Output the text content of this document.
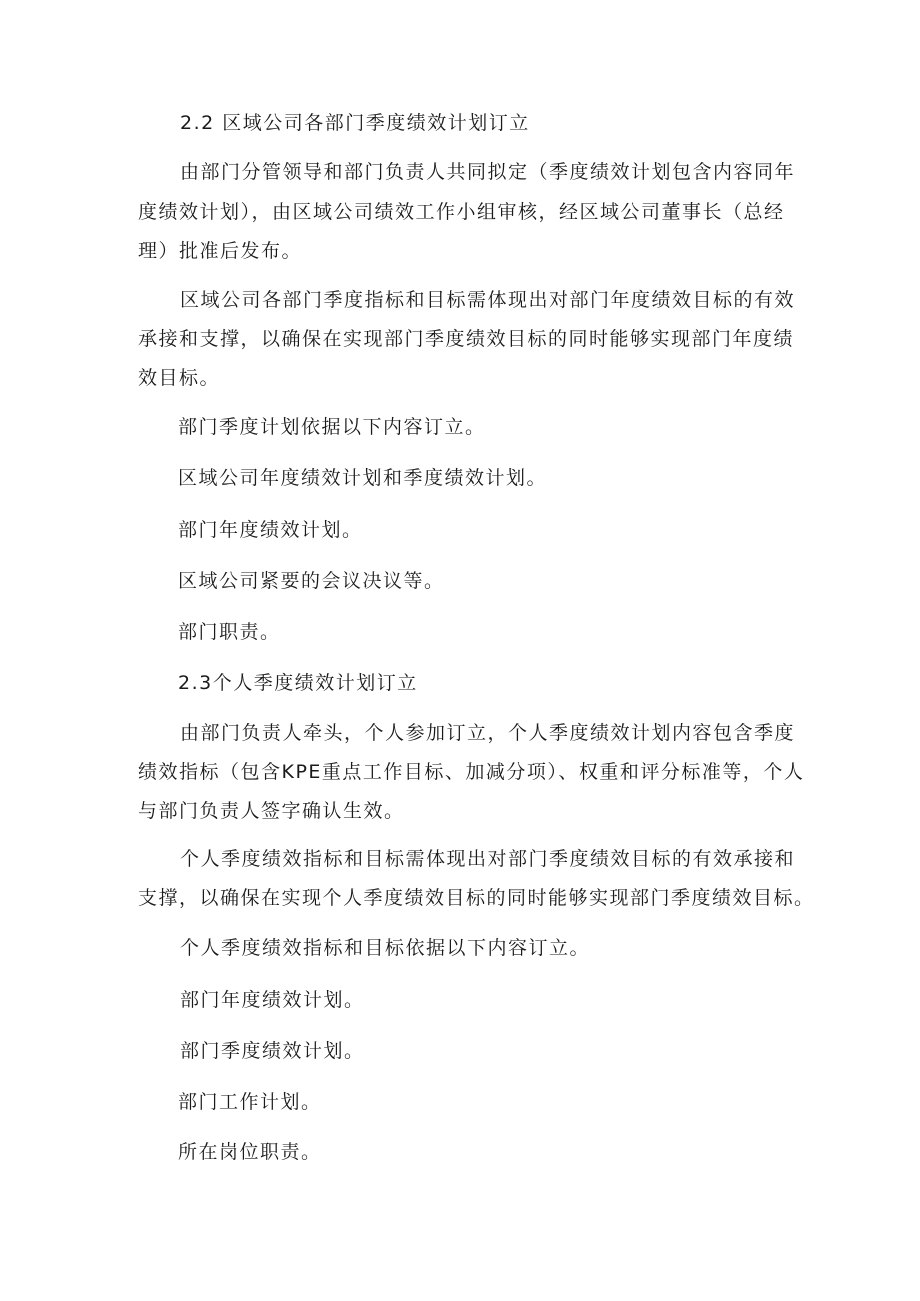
2.2 区域公司各部门季度绩效计划订立
由部门分管领导和部门负责人共同拟定（季度绩效计划包含内容同年
度绩效计划），由区域公司绩效工作小组审核，经区域公司董事长（总经
理）批准后发布。
区域公司各部门季度指标和目标需体现出对部门年度绩效目标的有效
承接和支撑，以确保在实现部门季度绩效目标的同时能够实现部门年度绩
效目标。
部门季度计划依据以下内容订立。
区域公司年度绩效计划和季度绩效计划。
部门年度绩效计划。
区域公司紧要的会议决议等。
部门职责。
2.3个人季度绩效计划订立
由部门负责人牵头，个人参加订立，个人季度绩效计划内容包含季度
绩效指标（包含KPE重点工作目标、加减分项）、权重和评分标准等，个人
与部门负责人签字确认生效。
个人季度绩效指标和目标需体现出对部门季度绩效目标的有效承接和
支撑，以确保在实现个人季度绩效目标的同时能够实现部门季度绩效目标。
个人季度绩效指标和目标依据以下内容订立。
部门年度绩效计划。
部门季度绩效计划。
部门工作计划。
所在岗位职责。
